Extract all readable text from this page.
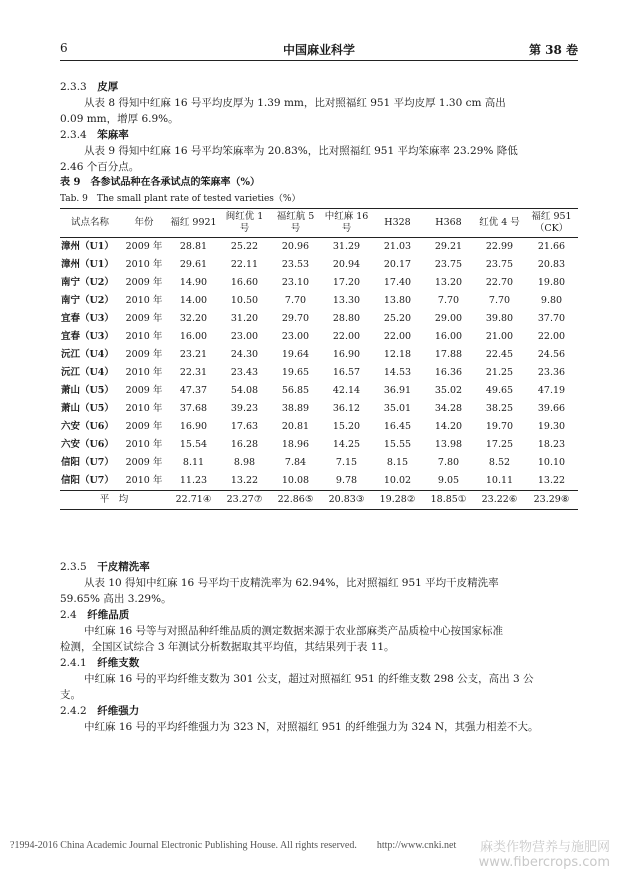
6	中国麻业科学	第 38 卷
2.3.3　 皮厚
从表 8 得知中红麻 16 号平均皮厚为 1.39 mm，比对照福红 951 平均皮厚 1.30 cm 高出
0.09 mm，增厚 6.9%。
2.3.4　 笨麻率
从表 9 得知中红麻 16 号平均笨麻率为 20.83%，比对照福红 951 平均笨麻率 23.29% 降低
2.46 个百分点。
表 9　各参试品种在各承试点的笨麻率（%）
Tab. 9　The small plant rate of tested varieties（%）
试点名称	年份	福红 9921	闽红优 1 号	福红航 5 号	中红麻 16 号	H328	H368	红优 4 号	福红 951（CK）
漳州（U1）	2009 年	28.81	25.22	20.96	31.29	21.03	29.21	22.99	21.66
漳州（U1）	2010 年	29.61	22.11	23.53	20.94	20.17	23.75	23.75	20.83
南宁（U2）	2009 年	14.90	16.60	23.10	17.20	17.40	13.20	22.70	19.80
南宁（U2）	2010 年	14.00	10.50	7.70	13.30	13.80	7.70	7.70	9.80
宜春（U3）	2009 年	32.20	31.20	29.70	28.80	25.20	29.00	39.80	37.70
宜春（U3）	2010 年	16.00	23.00	23.00	22.00	22.00	16.00	21.00	22.00
沅江（U4）	2009 年	23.21	24.30	19.64	16.90	12.18	17.88	22.45	24.56
沅江（U4）	2010 年	22.31	23.43	19.65	16.57	14.53	16.36	21.25	23.36
萧山（U5）	2009 年	47.37	54.08	56.85	42.14	36.91	35.02	49.65	47.19
萧山（U5）	2010 年	37.68	39.23	38.89	36.12	35.01	34.28	38.25	39.66
六安（U6）	2009 年	16.90	17.63	20.81	15.20	16.45	14.20	19.70	19.30
六安（U6）	2010 年	15.54	16.28	18.96	14.25	15.55	13.98	17.25	18.23
信阳（U7）	2009 年	8.11	8.98	7.84	7.15	8.15	7.80	8.52	10.10
信阳（U7）	2010 年	11.23	13.22	10.08	9.78	10.02	9.05	10.11	13.22
平　均		22.71④	23.27⑦	22.86⑤	20.83③	19.28②	18.85①	23.22⑥	23.29⑧
2.3.5　 干皮精洗率
从表 10 得知中红麻 16 号平均干皮精洗率为 62.94%，比对照福红 951 平均干皮精洗率
59.65% 高出 3.29%。
2.4　 纤维品质
中红麻 16 号等与对照品种纤维品质的测定数据来源于农业部麻类产品质检中心按国家标准
检测，全国区试综合 3 年测试分析数据取其平均值，其结果列于表 11。
2.4.1　 纤维支数
中红麻 16 号的平均纤维支数为 301 公支，超过对照福红 951 的纤维支数 298 公支，高出 3 公
支。
2.4.2　 纤维强力
中红麻 16 号的平均纤维强力为 323 N，对照福红 951 的纤维强力为 324 N，其强力相差不大。
?1994-2016 China Academic Journal Electronic Publishing House. All rights reserved. http://www.cnki.net 麻类作物营养与施肥网
www.fibercrops.com
